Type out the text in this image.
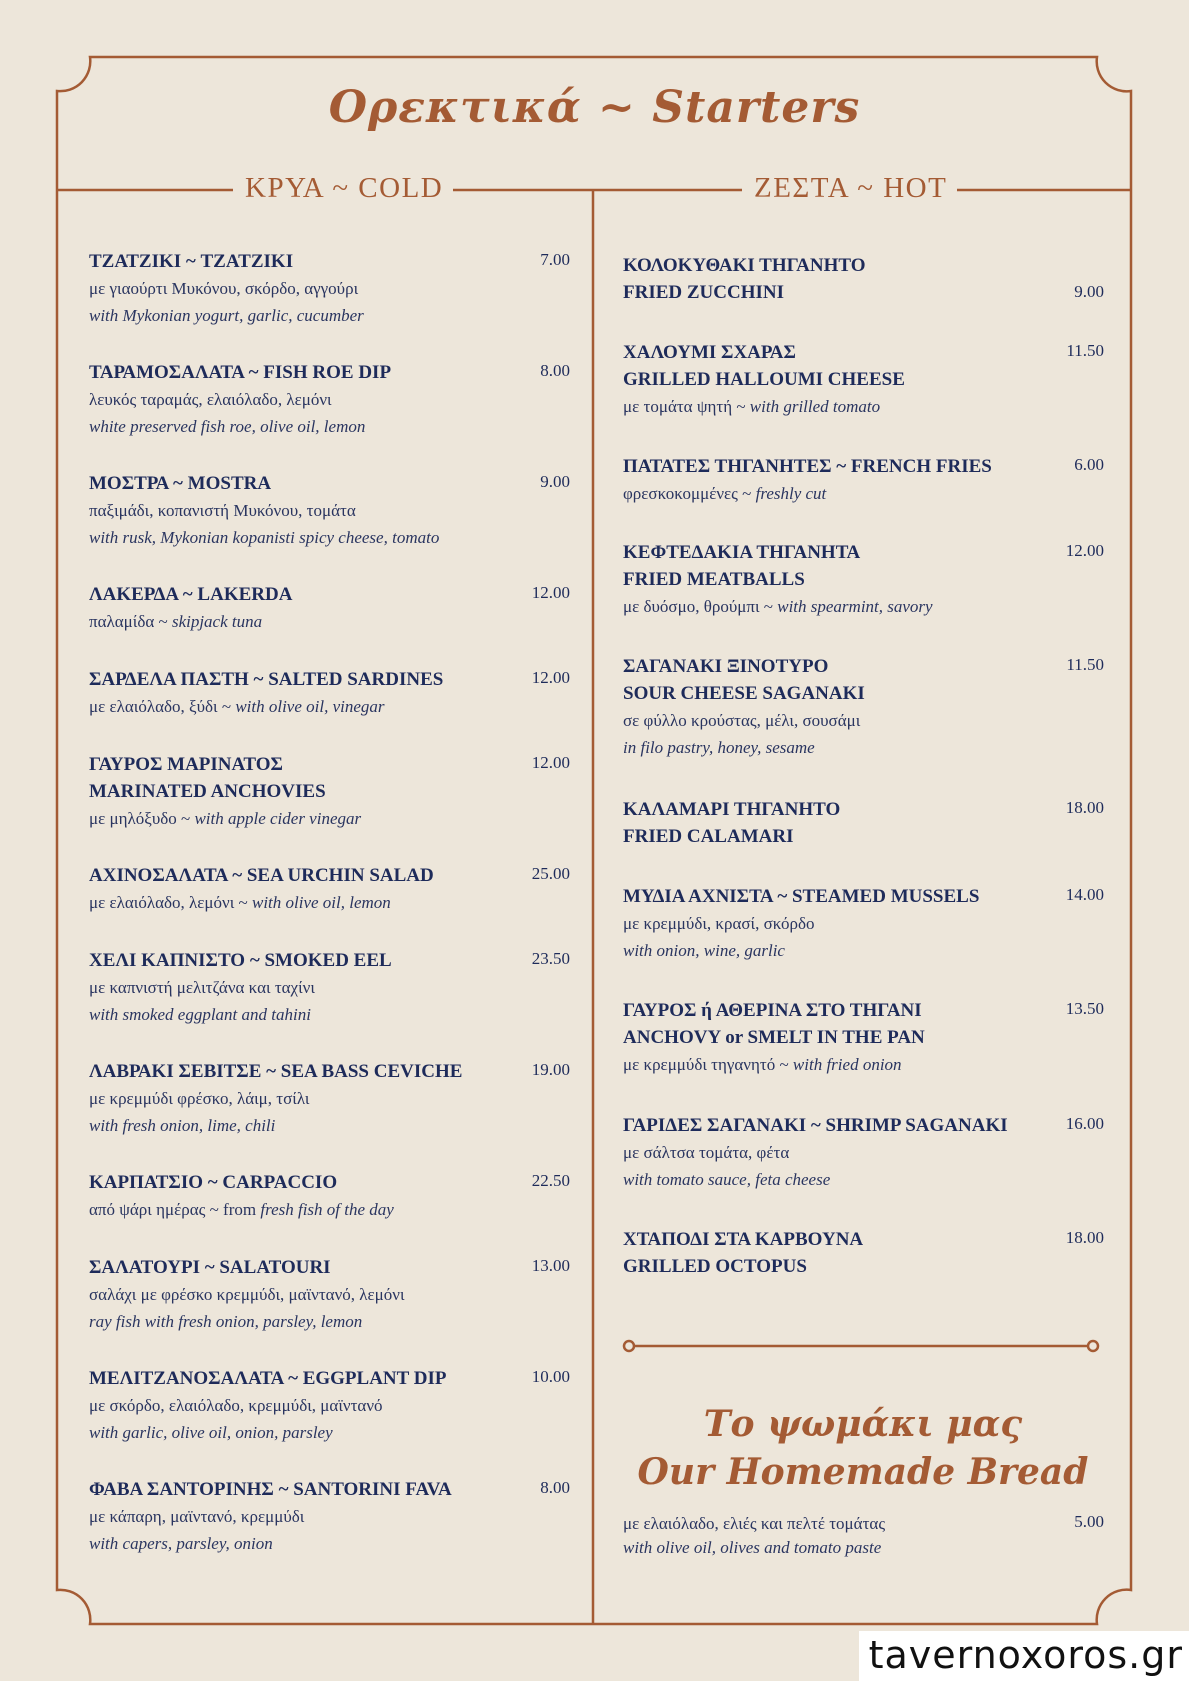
Ορεκτικά ~ Starters
ΚΡΥΑ ~ COLD	ΖΕΣΤΑ ~ HOT
ΤΖΑΤΖΙΚΙ ~ TZATZIKI	7.00
με γιαούρτι Μυκόνου, σκόρδο, αγγούρι
with Mykonian yogurt, garlic, cucumber
ΤΑΡΑΜΟΣΑΛΑΤΑ ~ FISH ROE DIP	8.00
λευκός ταραμάς, ελαιόλαδο, λεμόνι
white preserved fish roe, olive oil, lemon
ΜΟΣΤΡΑ ~ MOSTRA	9.00
παξιμάδι, κοπανιστή Μυκόνου, τομάτα
with rusk, Mykonian kopanisti spicy cheese, tomato
ΛΑΚΕΡΔΑ ~ LAKERDA	12.00
παλαμίδα ~ skipjack tuna
ΣΑΡΔΕΛΑ ΠΑΣΤΗ ~ SALTED SARDINES	12.00
με ελαιόλαδο, ξύδι ~ with olive oil, vinegar
ΓΑΥΡΟΣ ΜΑΡΙΝΑΤΟΣ
MARINATED ANCHOVIES
12.00
με μηλόξυδο ~ with apple cider vinegar
ΑΧΙΝΟΣΑΛΑΤΑ ~ SEA URCHIN SALAD	25.00
με ελαιόλαδο, λεμόνι ~ with olive oil, lemon
ΧΕΛΙ ΚΑΠΝΙΣΤΟ ~ SMOKED EEL	23.50
με καπνιστή μελιτζάνα και ταχίνι
with smoked eggplant and tahini
ΛΑΒΡΑΚΙ ΣΕΒΙΤΣΕ ~ SEA BASS CEVICHE	19.00
με κρεμμύδι φρέσκο, λάιμ, τσίλι
with fresh onion, lime, chili
ΚΑΡΠΑΤΣΙΟ ~ CARPACCIO	22.50
από ψάρι ημέρας ~ from fresh fish of the day
ΣΑΛΑΤΟΥΡΙ ~ SALATOURI	13.00
σαλάχι με φρέσκο κρεμμύδι, μαϊντανό, λεμόνι
ray fish with fresh onion, parsley, lemon
ΜΕΛΙΤΖΑΝΟΣΑΛΑΤΑ ~ EGGPLANT DIP	10.00
με σκόρδο, ελαιόλαδο, κρεμμύδι, μαϊντανό
with garlic, olive oil, onion, parsley
ΦΑΒΑ ΣΑΝΤΟΡΙΝΗΣ ~ SANTORINI FAVA	8.00
με κάπαρη, μαϊντανό, κρεμμύδι
with capers, parsley, onion
ΚΟΛΟΚΥΘΑΚΙ ΤΗΓΑΝΗΤΟ
FRIED ZUCCHINI	9.00
ΧΑΛΟΥΜΙ ΣΧΑΡΑΣ
GRILLED HALLOUMI CHEESE
11.50
με τομάτα ψητή ~ with grilled tomato
ΠΑΤΑΤΕΣ ΤΗΓΑΝΗΤΕΣ ~ FRENCH FRIES	6.00
φρεσκοκομμένες ~ freshly cut
ΚΕΦΤΕΔΑΚΙΑ ΤΗΓΑΝΗΤΑ
FRIED MEATBALLS
12.00
με δυόσμο, θρούμπι ~ with spearmint, savory
ΣΑΓΑΝΑΚΙ ΞΙΝΟΤΥΡΟ
SOUR CHEESE SAGANAKI
11.50
σε φύλλο κρούστας, μέλι, σουσάμι
in filo pastry, honey, sesame
ΚΑΛΑΜΑΡΙ ΤΗΓΑΝΗΤΟ
FRIED CALAMARI
18.00
ΜΥΔΙΑ ΑΧΝΙΣΤΑ ~ STEAMED MUSSELS	14.00
με κρεμμύδι, κρασί, σκόρδο
with onion, wine, garlic
ΓΑΥΡΟΣ ή ΑΘΕΡΙΝΑ ΣΤΟ ΤΗΓΑΝΙ
ANCHOVY or SMELT IN THE PAN
13.50
με κρεμμύδι τηγανητό ~ with fried onion
ΓΑΡΙΔΕΣ ΣΑΓΑΝΑΚΙ ~ SHRIMP SAGANAKI	16.00
με σάλτσα τομάτα, φέτα
with tomato sauce, feta cheese
ΧΤΑΠΟΔΙ ΣΤΑ ΚΑΡΒΟΥΝΑ
GRILLED OCTOPUS
18.00
Το ψωμάκι μας
Our Homemade Bread
με ελαιόλαδο, ελιές και πελτέ τομάτας
with olive oil, olives and tomato paste
5.00
tavernoxoros.gr
